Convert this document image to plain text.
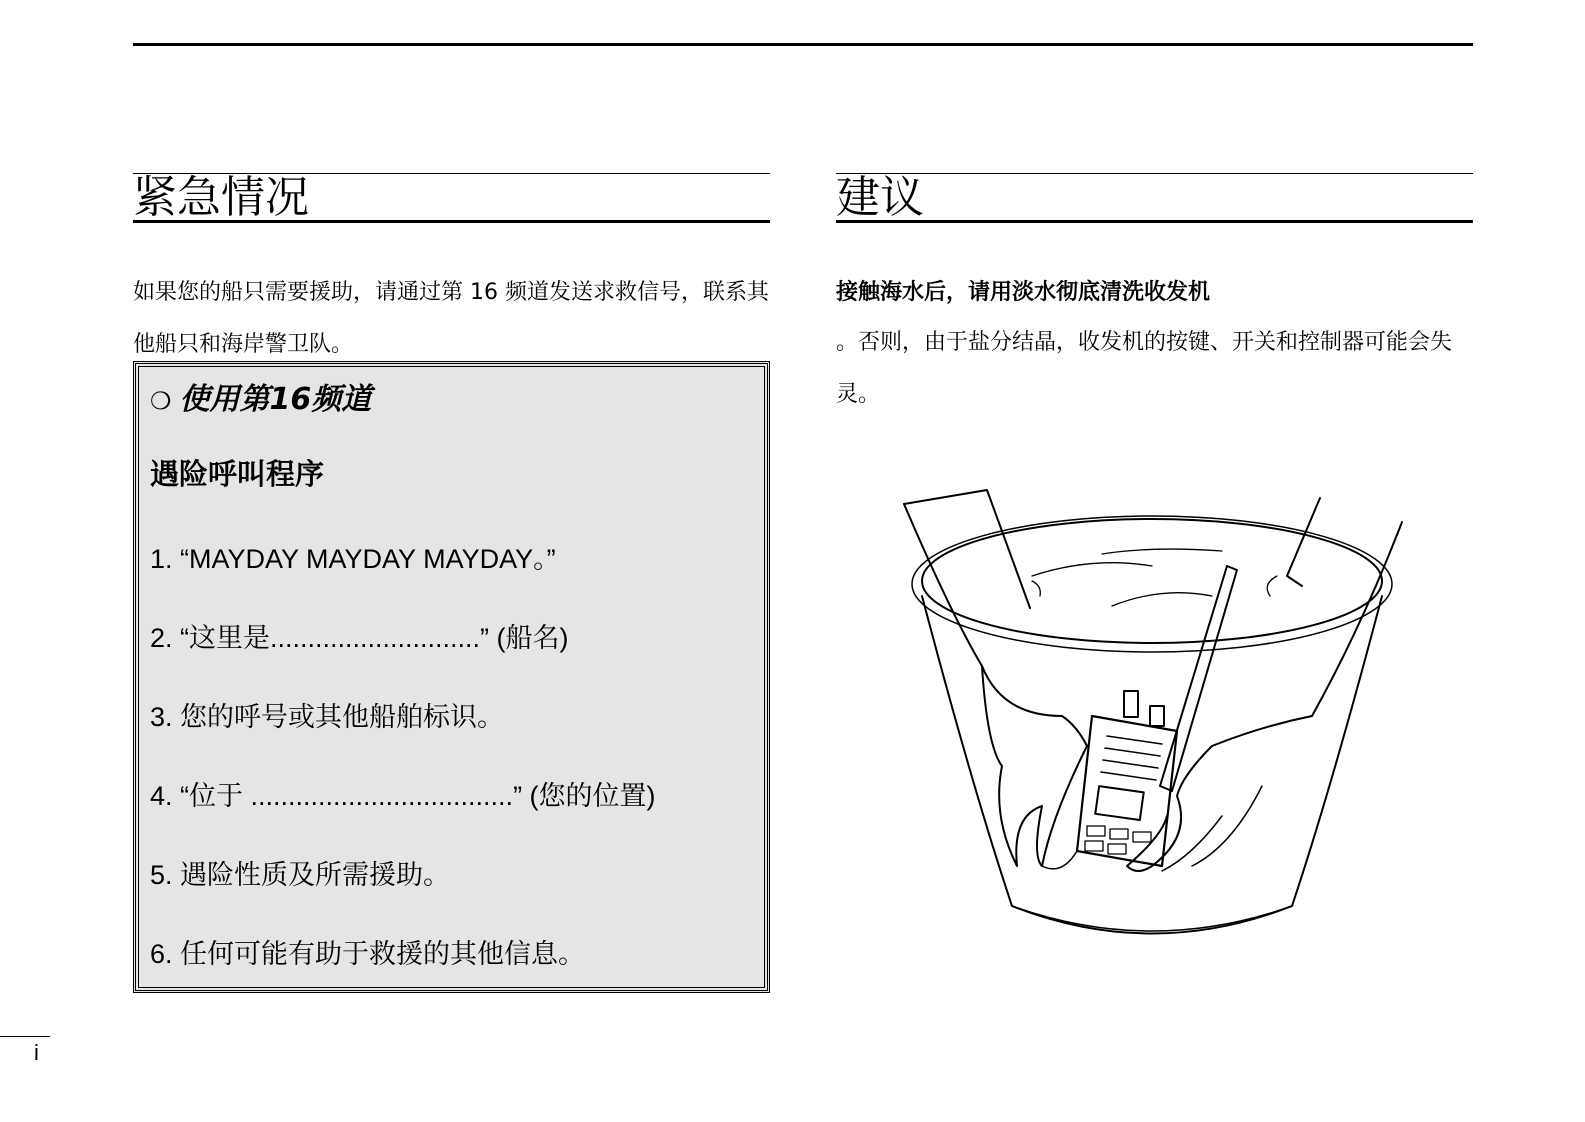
紧急情况

如果您的船只需要援助，请通过第 16 频道发送求救信号，联系其他船只和海岸警卫队。

❍ 使用第16频道
遇险呼叫程序
1. “MAYDAY MAYDAY MAYDAY。”
2. “这里是............................” (船名)
3. 您的呼号或其他船舶标识。
4. “位于 ...................................” (您的位置)
5. 遇险性质及所需援助。
6. 任何可能有助于救援的其他信息。
建议
接触海水后，请用淡水彻底清洗收发机
。否则，由于盐分结晶，收发机的按键、开关和控制器可能会失灵。
i
